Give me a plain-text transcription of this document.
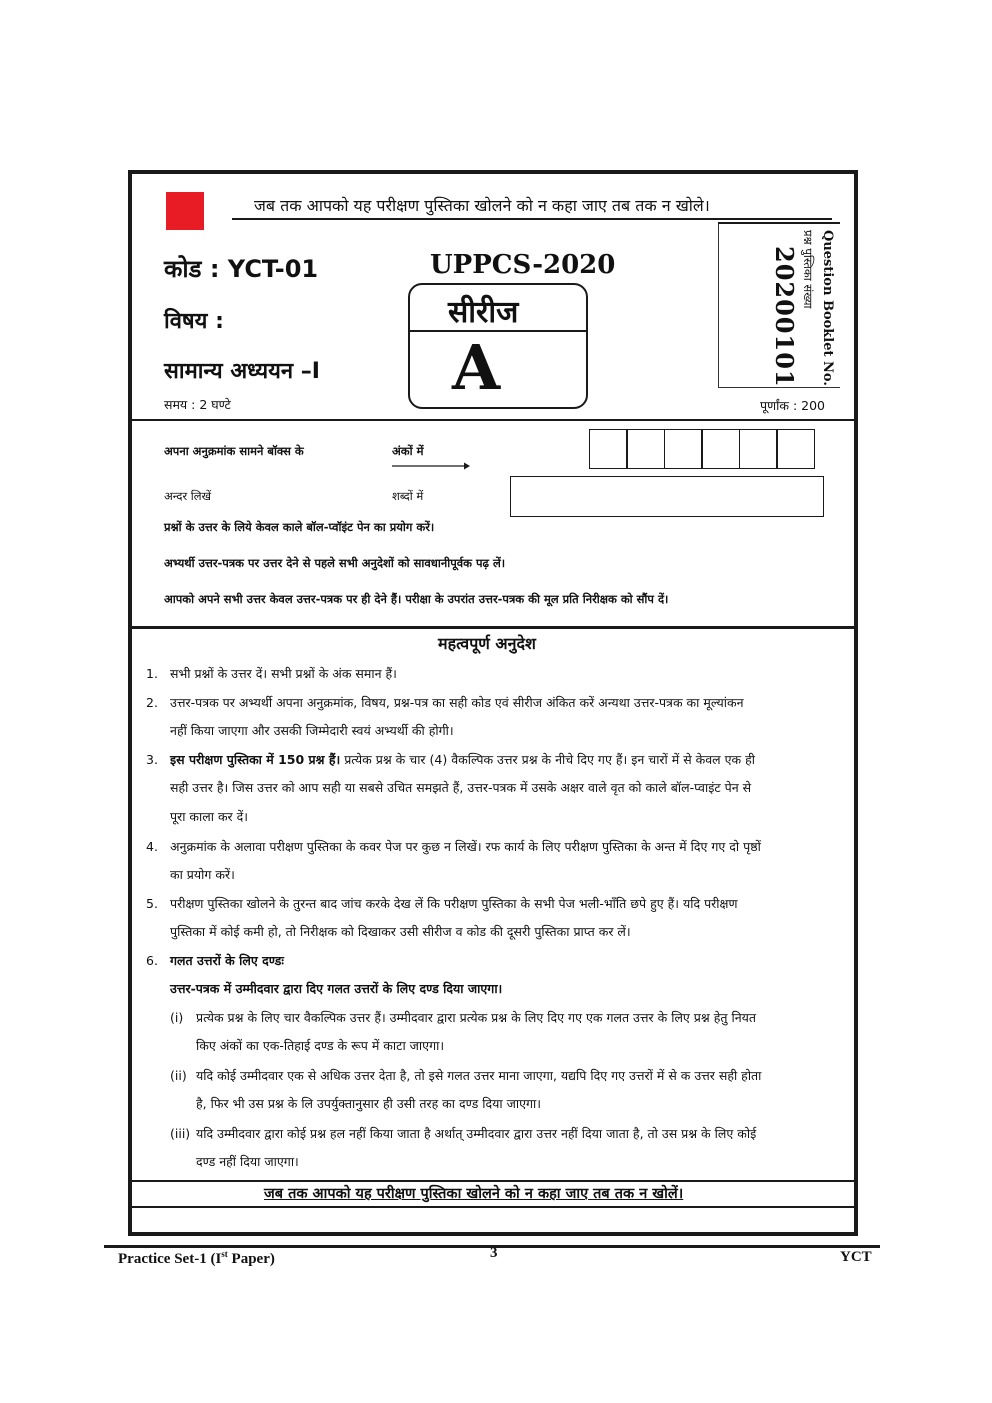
जब तक आपको यह परीक्षण पुस्तिका खोलने को न कहा जाए तब तक न खोले।
कोड : YCT-01	UPPCS-2020
विषय :
सामान्य अध्ययन –I
समय : 2 घण्टे
सीरीज
A	Question Booklet No.
प्रश्न पुस्तिका संख्या
20200101
पूर्णांक : 200
अपना अनुक्रमांक सामने बॉक्स के
अन्दर लिखें
अंकों में
शब्दों में
प्रश्नों के उत्तर के लिये केवल काले बॉल-प्वॉइंट पेन का प्रयोग करें।
अभ्यर्थी उत्तर-पत्रक पर उत्तर देने से पहले सभी अनुदेशों को सावधानीपूर्वक पढ़ लें।
आपको अपने सभी उत्तर केवल उत्तर-पत्रक पर ही देने हैं। परीक्षा के उपरांत उत्तर-पत्रक की मूल प्रति निरीक्षक को सौंप दें।
महत्वपूर्ण अनुदेश
1. सभी प्रश्नों के उत्तर दें। सभी प्रश्नों के अंक समान हैं।
2. उत्तर-पत्रक पर अभ्यर्थी अपना अनुक्रमांक, विषय, प्रश्न-पत्र का सही कोड एवं सीरीज अंकित करें अन्यथा उत्तर-पत्रक का मूल्यांकन
नहीं किया जाएगा और उसकी जिम्मेदारी स्वयं अभ्यर्थी की होगी।
3. इस परीक्षण पुस्तिका में 150 प्रश्न हैं। प्रत्येक प्रश्न के चार (4) वैकल्पिक उत्तर प्रश्न के नीचे दिए गए हैं। इन चारों में से केवल एक ही
सही उत्तर है। जिस उत्तर को आप सही या सबसे उचित समझते हैं, उत्तर-पत्रक में उसके अक्षर वाले वृत को काले बॉल-प्वाइंट पेन से
पूरा काला कर दें।
4. अनुक्रमांक के अलावा परीक्षण पुस्तिका के कवर पेज पर कुछ न लिखें। रफ कार्य के लिए परीक्षण पुस्तिका के अन्त में दिए गए दो पृष्ठों
का प्रयोग करें।
5. परीक्षण पुस्तिका खोलने के तुरन्त बाद जांच करके देख लें कि परीक्षण पुस्तिका के सभी पेज भली-भाँति छपे हुए हैं। यदि परीक्षण
पुस्तिका में कोई कमी हो, तो निरीक्षक को दिखाकर उसी सीरीज व कोड की दूसरी पुस्तिका प्राप्त कर लें।
6. गलत उत्तरों के लिए दण्डः
उत्तर-पत्रक में उम्मीदवार द्वारा दिए गलत उत्तरों के लिए दण्ड दिया जाएगा।
(i) प्रत्येक प्रश्न के लिए चार वैकल्पिक उत्तर हैं। उम्मीदवार द्वारा प्रत्येक प्रश्न के लिए दिए गए एक गलत उत्तर के लिए प्रश्न हेतु नियत
किए अंकों का एक-तिहाई दण्ड के रूप में काटा जाएगा।
(ii) यदि कोई उम्मीदवार एक से अधिक उत्तर देता है, तो इसे गलत उत्तर माना जाएगा, यद्यपि दिए गए उत्तरों में से क उत्तर सही होता
है, फिर भी उस प्रश्न के लि उपर्युक्तानुसार ही उसी तरह का दण्ड दिया जाएगा।
(iii) यदि उम्मीदवार द्वारा कोई प्रश्न हल नहीं किया जाता है अर्थात् उम्मीदवार द्वारा उत्तर नहीं दिया जाता है, तो उस प्रश्न के लिए कोई
दण्ड नहीं दिया जाएगा।
जब तक आपको यह परीक्षण पुस्तिका खोलने को न कहा जाए तब तक न खोलें।
Practice Set-1 (Ist Paper)	3	YCT
